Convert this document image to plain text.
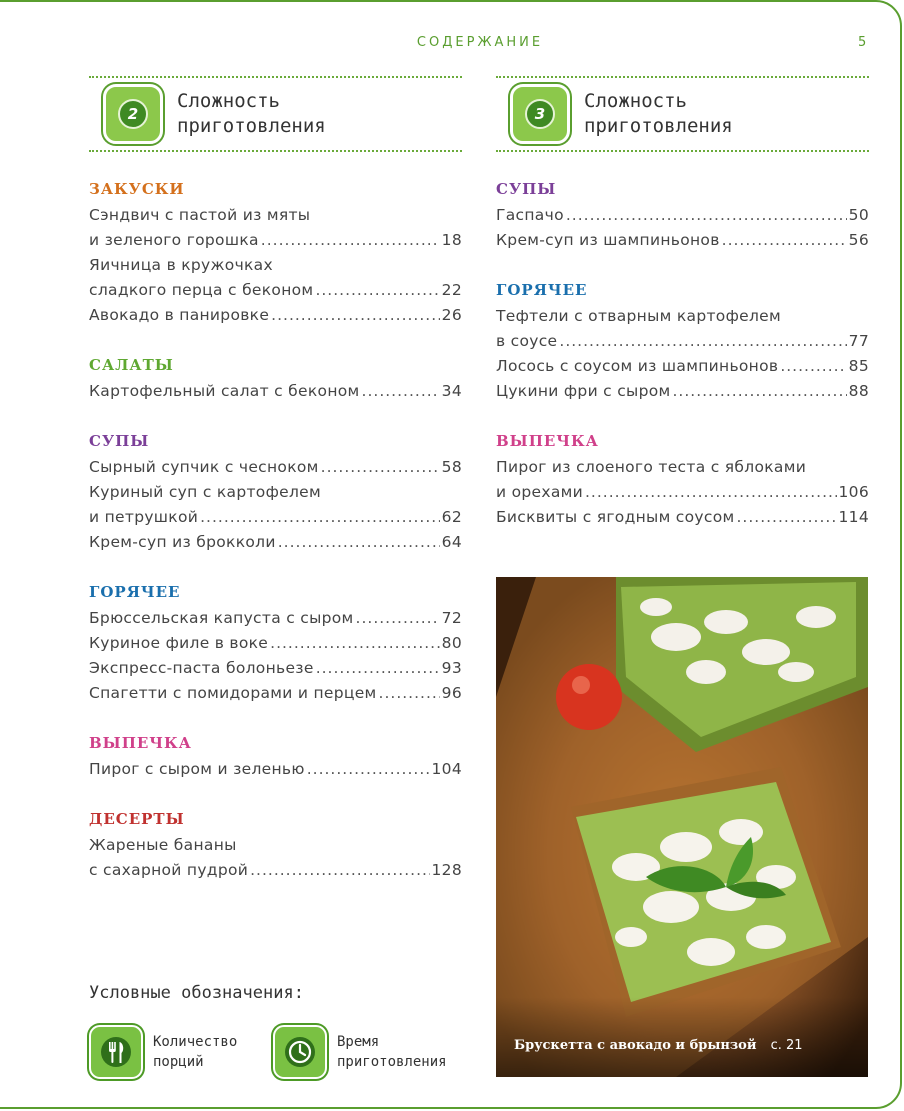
СОДЕРЖАНИЕ	5
2
Сложность
приготовления
ЗАКУСКИ
Сэндвич с пастой из мяты
и зеленого горошка .....	18
Яичница в кружочках
сладкого перца с беконом .....	22
Авокадо в панировке .....	26
САЛАТЫ
Картофельный салат с беконом .....	34
СУПЫ
Сырный супчик с чесноком .....	58
Куриный суп с картофелем
и петрушкой .....	62
Крем-суп из брокколи .....	64
ГОРЯЧЕЕ
Брюссельская капуста с сыром .....	72
Куриное филе в воке .....	80
Экспресс-паста болоньезе .....	93
Спагетти с помидорами и перцем .....	96
ВЫПЕЧКА
Пирог с сыром и зеленью .....	104
ДЕСЕРТЫ
Жареные бананы
с сахарной пудрой .....	128
3
Сложность
приготовления
СУПЫ
Гаспачо .....	50
Крем-суп из шампиньонов .....	56
ГОРЯЧЕЕ
Тефтели с отварным картофелем
в соусе .....	77
Лосось с соусом из шампиньонов .....	85
Цукини фри с сыром .....	88
ВЫПЕЧКА
Пирог из слоеного теста с яблоками
и орехами .....	106
Бисквиты с ягодным соусом .....	114
Брускетта с авокадо и брынзой с. 21
Условные обозначения:
Количество
порций
Время
приготовления
